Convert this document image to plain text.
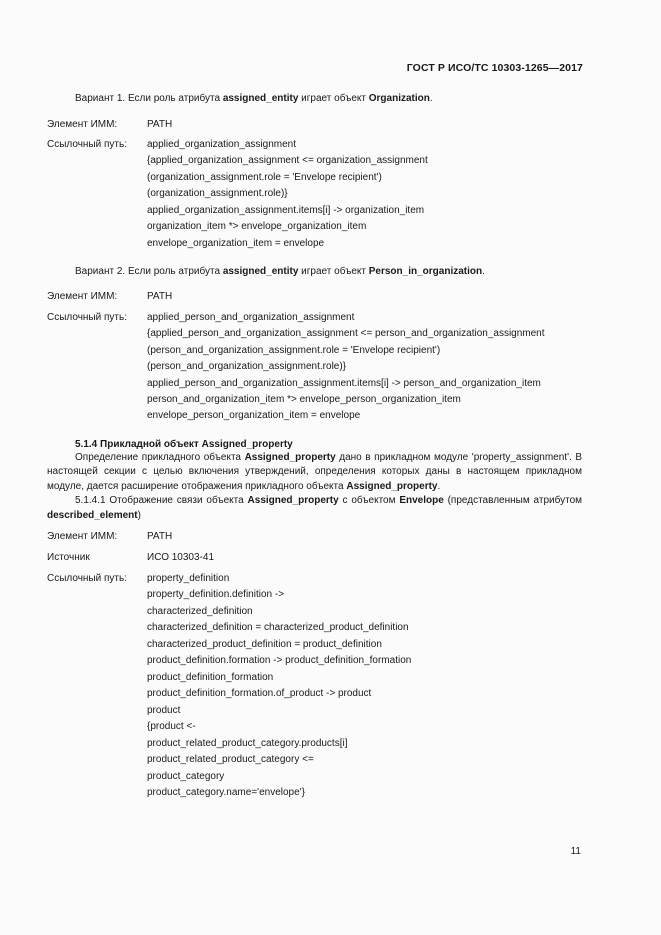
ГОСТ Р ИСО/ТС 10303-1265—2017
Вариант 1. Если роль атрибута assigned_entity играет объект Organization.
Элемент ИММ:	PATH
Ссылочный путь: applied_organization_assignment
{applied_organization_assignment <= organization_assignment
(organization_assignment.role = 'Envelope recipient')
(organization_assignment.role)}
applied_organization_assignment.items[i] -> organization_item
organization_item *> envelope_organization_item
envelope_organization_item = envelope
Вариант 2. Если роль атрибута assigned_entity играет объект Person_in_organization.
Элемент ИММ:	PATH
Ссылочный путь: applied_person_and_organization_assignment
{applied_person_and_organization_assignment <= person_and_organization_assignment
(person_and_organization_assignment.role = 'Envelope recipient')
(person_and_organization_assignment.role)}
applied_person_and_organization_assignment.items[i] -> person_and_organization_item
person_and_organization_item *> envelope_person_organization_item
envelope_person_organization_item = envelope
5.1.4 Прикладной объект Assigned_property

Определение прикладного объекта Assigned_property дано в прикладном модуле 'property_assignment'. В настоящей секции с целью включения утверждений, определения которых даны в настоящем прикладном модуле, дается расширение отображения прикладного объекта Assigned_property.

5.1.4.1 Отображение связи объекта Assigned_property с объектом Envelope (представленным атрибутом described_element)

Элемент ИММ:	PATH
Источник	ИСО 10303-41
Ссылочный путь: property_definition
property_definition.definition ->
characterized_definition
characterized_definition = characterized_product_definition
characterized_product_definition = product_definition
product_definition.formation -> product_definition_formation
product_definition_formation
product_definition_formation.of_product -> product
product
{product <-
product_related_product_category.products[i]
product_related_product_category <=
product_category
product_category.name='envelope'}
11
